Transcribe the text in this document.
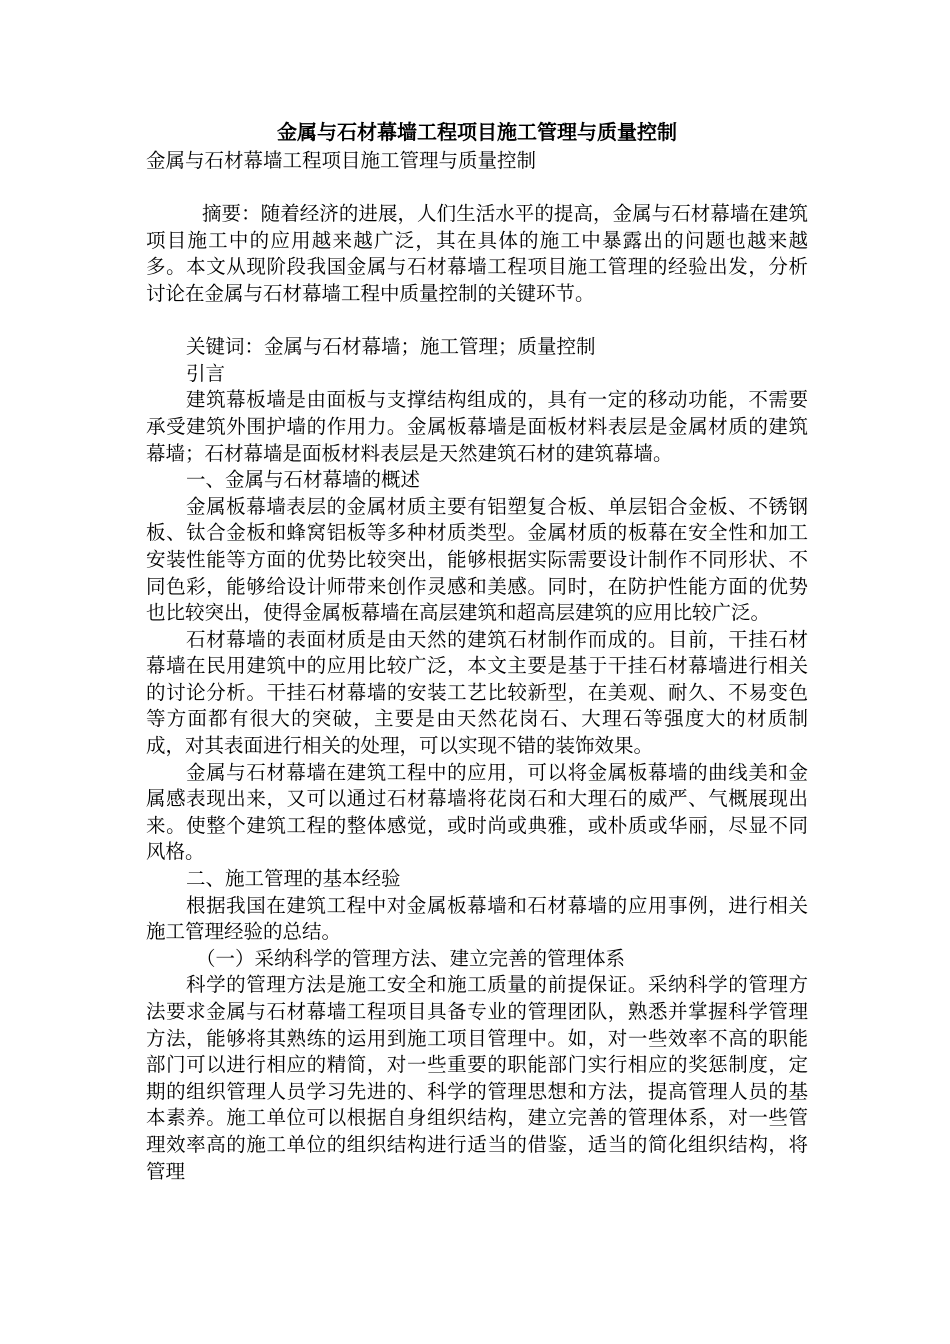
金属与石材幕墙工程项目施工管理与质量控制

金属与石材幕墙工程项目施工管理与质量控制

摘要：随着经济的进展，人们生活水平的提高，金属与石材幕墙在建筑项目施工中的应用越来越广泛，其在具体的施工中暴露出的问题也越来越多。本文从现阶段我国金属与石材幕墙工程项目施工管理的经验出发，分析讨论在金属与石材幕墙工程中质量控制的关键环节。

关键词：金属与石材幕墙；施工管理；质量控制

引言

建筑幕板墙是由面板与支撑结构组成的，具有一定的移动功能，不需要承受建筑外围护墙的作用力。金属板幕墙是面板材料表层是金属材质的建筑幕墙；石材幕墙是面板材料表层是天然建筑石材的建筑幕墙。

一、金属与石材幕墙的概述

金属板幕墙表层的金属材质主要有铝塑复合板、单层铝合金板、不锈钢板、钛合金板和蜂窝铝板等多种材质类型。金属材质的板幕在安全性和加工安装性能等方面的优势比较突出，能够根据实际需要设计制作不同形状、不同色彩，能够给设计师带来创作灵感和美感。同时，在防护性能方面的优势也比较突出，使得金属板幕墙在高层建筑和超高层建筑的应用比较广泛。

石材幕墙的表面材质是由天然的建筑石材制作而成的。目前，干挂石材幕墙在民用建筑中的应用比较广泛，本文主要是基于干挂石材幕墙进行相关的讨论分析。干挂石材幕墙的安装工艺比较新型，在美观、耐久、不易变色等方面都有很大的突破，主要是由天然花岗石、大理石等强度大的材质制成，对其表面进行相关的处理，可以实现不错的装饰效果。

金属与石材幕墙在建筑工程中的应用，可以将金属板幕墙的曲线美和金属感表现出来，又可以通过石材幕墙将花岗石和大理石的威严、气概展现出来。使整个建筑工程的整体感觉，或时尚或典雅，或朴质或华丽，尽显不同风格。

二、施工管理的基本经验

根据我国在建筑工程中对金属板幕墙和石材幕墙的应用事例，进行相关施工管理经验的总结。

（一）采纳科学的管理方法、建立完善的管理体系

科学的管理方法是施工安全和施工质量的前提保证。采纳科学的管理方法要求金属与石材幕墙工程项目具备专业的管理团队，熟悉并掌握科学管理方法，能够将其熟练的运用到施工项目管理中。如，对一些效率不高的职能部门可以进行相应的精简，对一些重要的职能部门实行相应的奖惩制度，定期的组织管理人员学习先进的、科学的管理思想和方法，提高管理人员的基本素养。施工单位可以根据自身组织结构，建立完善的管理体系，对一些管理效率高的施工单位的组织结构进行适当的借鉴，适当的简化组织结构，将管理
